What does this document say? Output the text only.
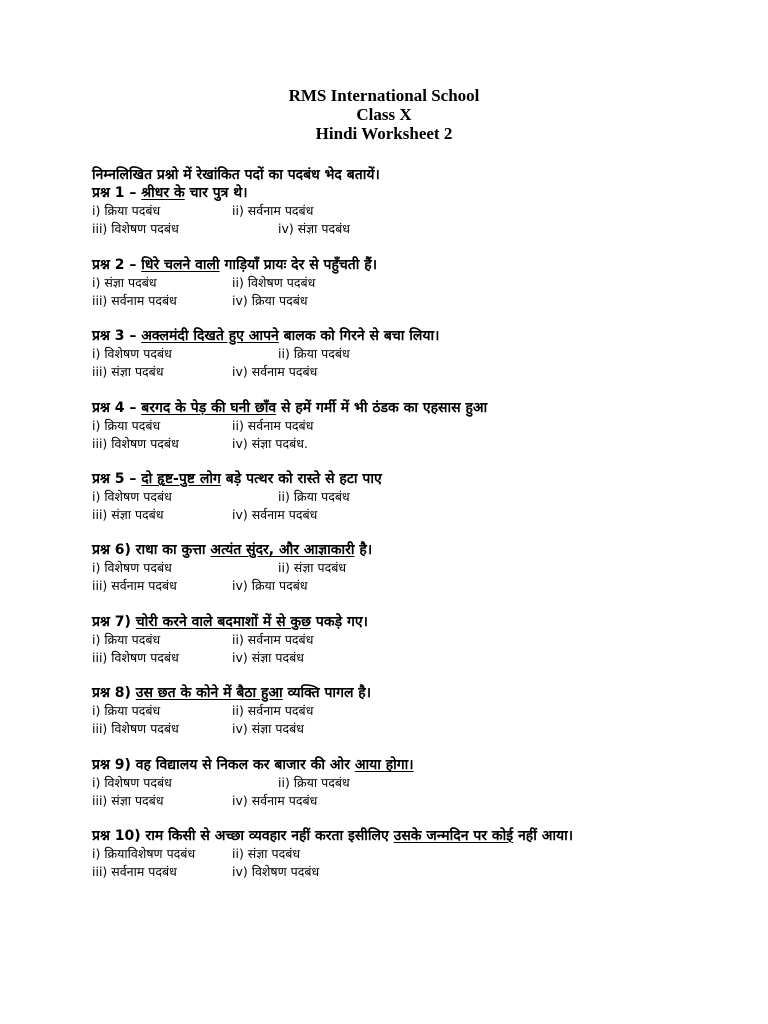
RMS International School
Class X
Hindi Worksheet 2
निम्नलिखित प्रश्नो में रेखांकित पदों का पदबंध भेद बतायें।
प्रश्न 1 – श्रीधर के चार पुत्र थे।
i) क्रिया पदबंध	ii) सर्वनाम पदबंध
iii) विशेषण पदबंध	iv) संज्ञा पदबंध
प्रश्न 2 – धिरे चलने वाली गाड़ियाँ प्रायः देर से पहुँचती हैं।
i) संज्ञा पदबंध	ii) विशेषण पदबंध
iii) सर्वनाम पदबंध	iv) क्रिया पदबंध
प्रश्न 3 – अक्लमंदी दिखते हुए आपने बालक को गिरने से बचा लिया।
i) विशेषण पदबंध	ii) क्रिया पदबंध
iii) संज्ञा पदबंध	iv) सर्वनाम पदबंध
प्रश्न 4 – बरगद के पेड़ की घनी छाँव से हमें गर्मी में भी ठंडक का एहसास हुआ
i) क्रिया पदबंध	ii) सर्वनाम पदबंध
iii) विशेषण पदबंध	iv) संज्ञा पदबंध.
प्रश्न 5 – दो हृष्ट-पुष्ट लोग बड़े पत्थर को रास्ते से हटा पाए
i) विशेषण पदबंध	ii) क्रिया पदबंध
iii) संज्ञा पदबंध	iv) सर्वनाम पदबंध
प्रश्न 6) राधा का कुत्ता अत्यंत सुंदर, और आज्ञाकारी है।
i) विशेषण पदबंध	ii) संज्ञा पदबंध
iii) सर्वनाम पदबंध	iv) क्रिया पदबंध
प्रश्न 7) चोरी करने वाले बदमाशों में से कुछ पकड़े गए।
i) क्रिया पदबंध	ii) सर्वनाम पदबंध
iii) विशेषण पदबंध	iv) संज्ञा पदबंध
प्रश्न 8) उस छत के कोने में बैठा हुआ व्यक्ति पागल है।
i) क्रिया पदबंध	ii) सर्वनाम पदबंध
iii) विशेषण पदबंध	iv) संज्ञा पदबंध
प्रश्न 9) वह विद्यालय से निकल कर बाजार की ओर आया होगा।
i) विशेषण पदबंध	ii) क्रिया पदबंध
iii) संज्ञा पदबंध	iv) सर्वनाम पदबंध
प्रश्न 10) राम किसी से अच्छा व्यवहार नहीं करता इसीलिए उसके जन्मदिन पर कोई नहीं आया।
i) क्रियाविशेषण पदबंध	ii) संज्ञा पदबंध
iii) सर्वनाम पदबंध	iv) विशेषण पदबंध
